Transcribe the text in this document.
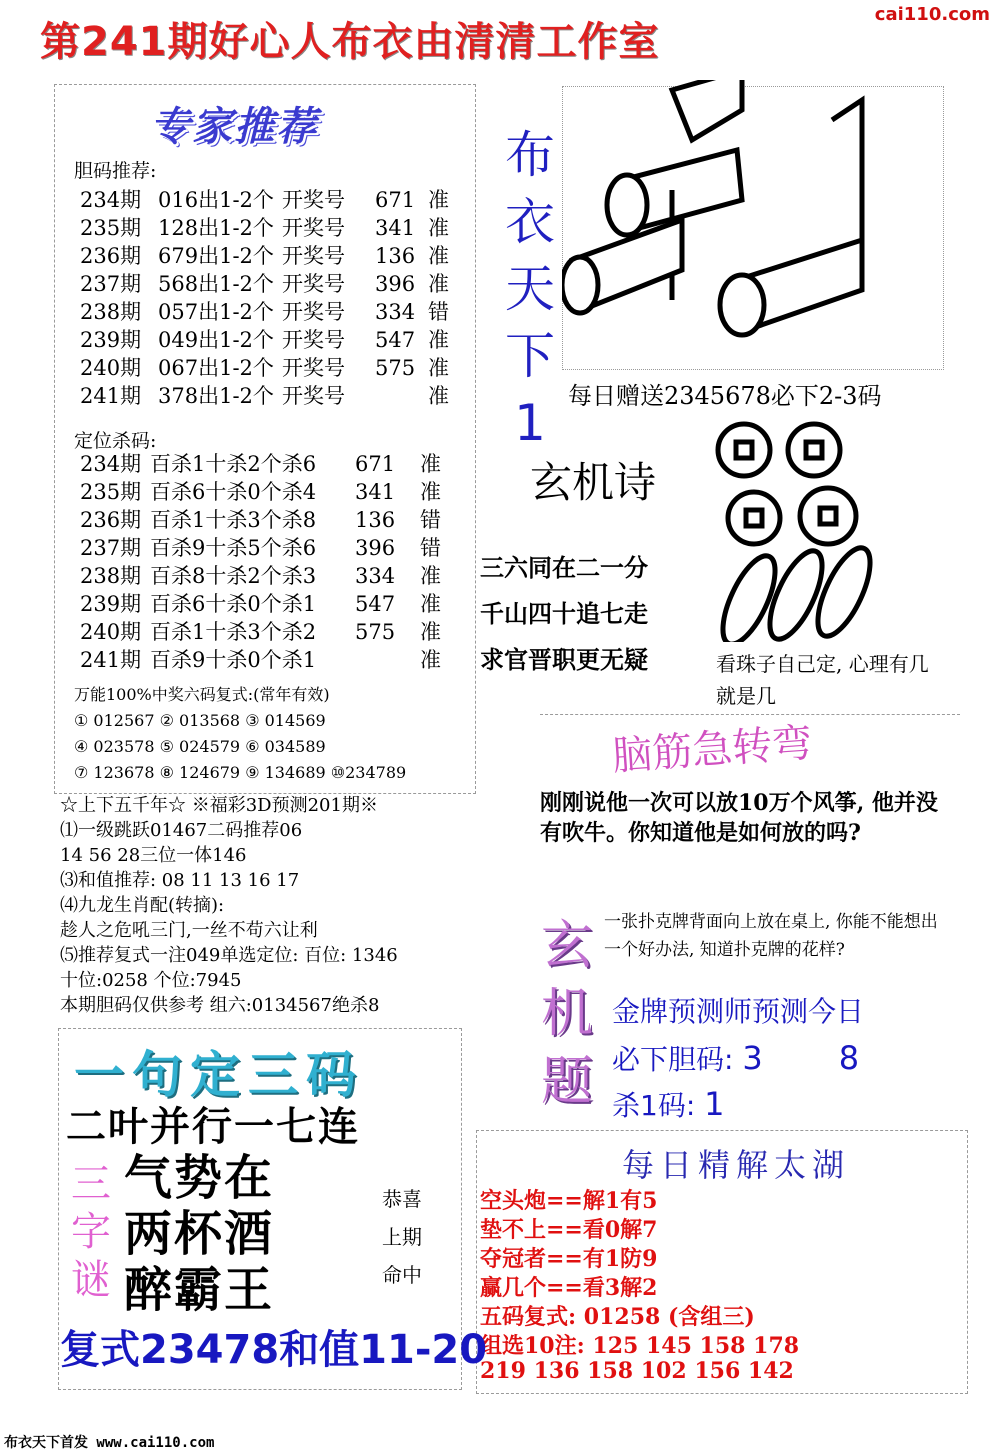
第241期好心人布衣由清清工作室
cai110.com
专家推荐
胆码推荐:
234期 016出1-2个 开奖号 671 准
235期 128出1-2个 开奖号 341 准
236期 679出1-2个 开奖号 136 准
237期 568出1-2个 开奖号 396 准
238期 057出1-2个 开奖号 334 错
239期 049出1-2个 开奖号 547 准
240期 067出1-2个 开奖号 575 准
241期 378出1-2个 开奖号	准
定位杀码:
234期 百杀1十杀2个杀6 671 准
235期 百杀6十杀0个杀4 341 准
236期 百杀1十杀3个杀8 136 错
237期 百杀9十杀5个杀6 396 错
238期 百杀8十杀2个杀3 334 准
239期 百杀6十杀0个杀1 547 准
240期 百杀1十杀3个杀2 575 准
241期 百杀9十杀0个杀1	准
万能100%中奖六码复式:(常年有效)
① 012567 ② 013568 ③ 014569
④ 023578 ⑤ 024579 ⑥ 034589
⑦ 123678 ⑧ 124679 ⑨ 134689 ⑩234789
☆上下五千年☆ ※福彩3D预测201期※
⑴一级跳跃01467二码推荐06
14 56 28三位一体146
⑶和值推荐: 08 11 13 16 17
⑷九龙生肖配(转摘):
趁人之危吼三门,一丝不苟六让利
⑸推荐复式一注049单选定位: 百位: 1346
十位:0258 个位:7945
本期胆码仅供参考 组六:0134567绝杀8
布
衣
天
下
1 每日赠送2345678必下2-3码
玄机诗
三六同在二一分
千山四十追七走
求官晋职更无疑	看珠子自己定, 心理有几就是几
脑筋急转弯
刚刚说他一次可以放10万个风筝, 他并没有吹牛。你知道他是如何放的吗?
玄
机
题
一张扑克牌背面向上放在桌上, 你能不能想出一个好办法, 知道扑克牌的花样?
金牌预测师预测今日
必下胆码: 3 8
杀1码: 1
每日精解太湖
空头炮==解1有5
垫不上==看0解7
夺冠者==有1防9
赢几个==看3解2
五码复式: 01258 (含组三)
组选10注: 125 145 158 178
219 136 158 102 156 142
一句定三码
二叶并行一七连
三
字
谜
气势在
两杯酒
醉霸王
恭喜
上期
命中
复式23478和值11-20
布衣天下首发 www.cai110.com
